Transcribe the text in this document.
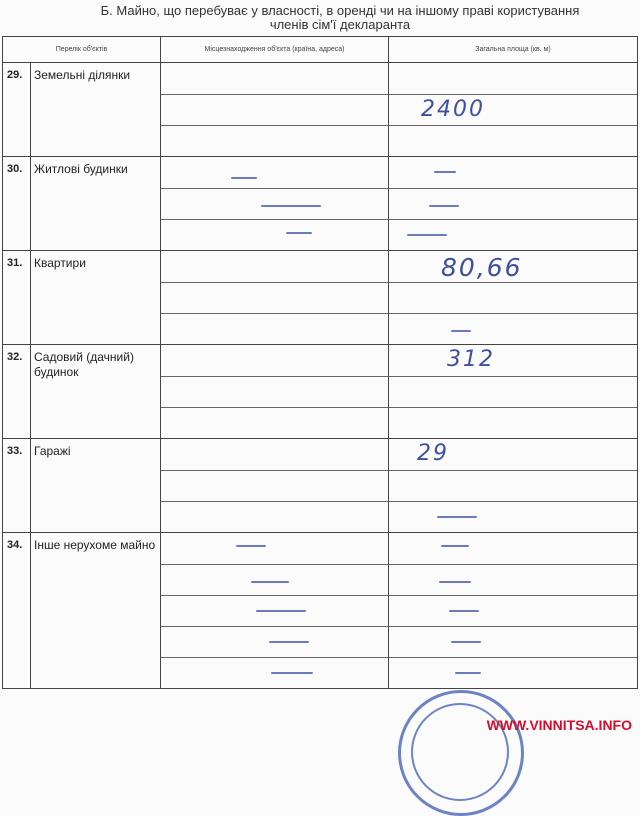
Б. Майно, що перебуває у власності, в оренді чи на іншому праві користування
членів сім'ї декларанта
Перелік об'єктів		Місцезнаходження об'єкта (країна, адреса)	Загальна площа (кв. м)
29.	Земельні ділянки		2400

30.	Житлові будинки	

31.	Квартири		80,66

32.	Садовий (дачний) будинок		312

33.	Гаражі		29

34.	Інше нерухоме майно	

WWW.VINNITSA.INFO
